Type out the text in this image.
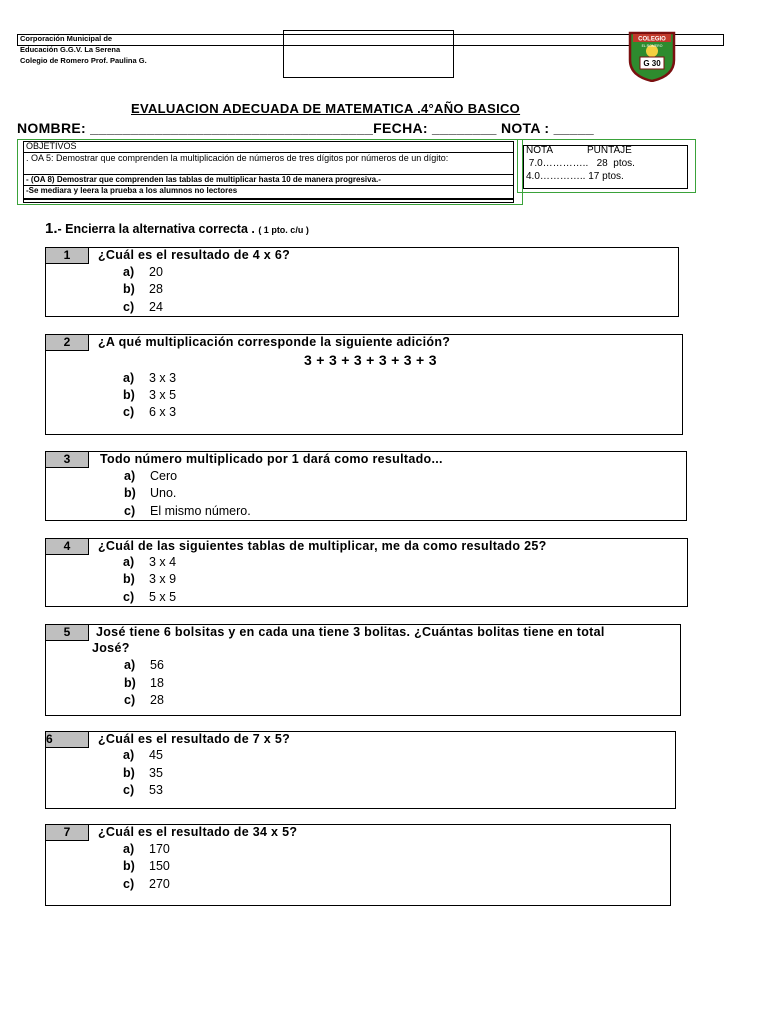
Corporación Municipal de
Educación G.G.V. La Serena
Colegio de Romero Prof. Paulina G.
COLEGIO
EL ROMERO
G 30
EVALUACION ADECUADA DE MATEMATICA .4°AÑO BASICO
NOMBRE: ___________________________________FECHA: ________ NOTA : _____
OBJETIVOS
. OA 5: Demostrar que comprenden la multiplicación de números de tres dígitos por números de un dígito:
- (OA 8) Demostrar que comprenden las tablas de multiplicar hasta 10 de manera progresiva.-
-Se mediara y leera la prueba a los alumnos no lectores
NOTA	PUNTAJE
7.0…………..   28  ptos.
4.0………….. 17 ptos.
1.- Encierra la alternativa correcta . ( 1 pto. c/u )
1	¿Cuál es el resultado de 4 x 6?
a) 20
b) 28
c) 24
2	¿A qué multiplicación corresponde la siguiente adición?
3 + 3 + 3 + 3 + 3 + 3
a) 3 x 3
b) 3 x 5
c) 6 x 3
3	Todo número multiplicado por 1 dará como resultado...
a) Cero
b) Uno.
c) El mismo número.
4	¿Cuál de las siguientes tablas de multiplicar, me da como resultado 25?
a) 3 x 4
b) 3 x 9
c) 5 x 5
5	José tiene 6 bolsitas y en cada una tiene 3 bolitas. ¿Cuántas bolitas tiene en total
José?
a) 56
b) 18
c) 28
6	¿Cuál es el resultado de 7 x 5?
a) 45
b) 35
c) 53
7	¿Cuál es el resultado de 34 x 5?
a) 170
b) 150
c) 270
